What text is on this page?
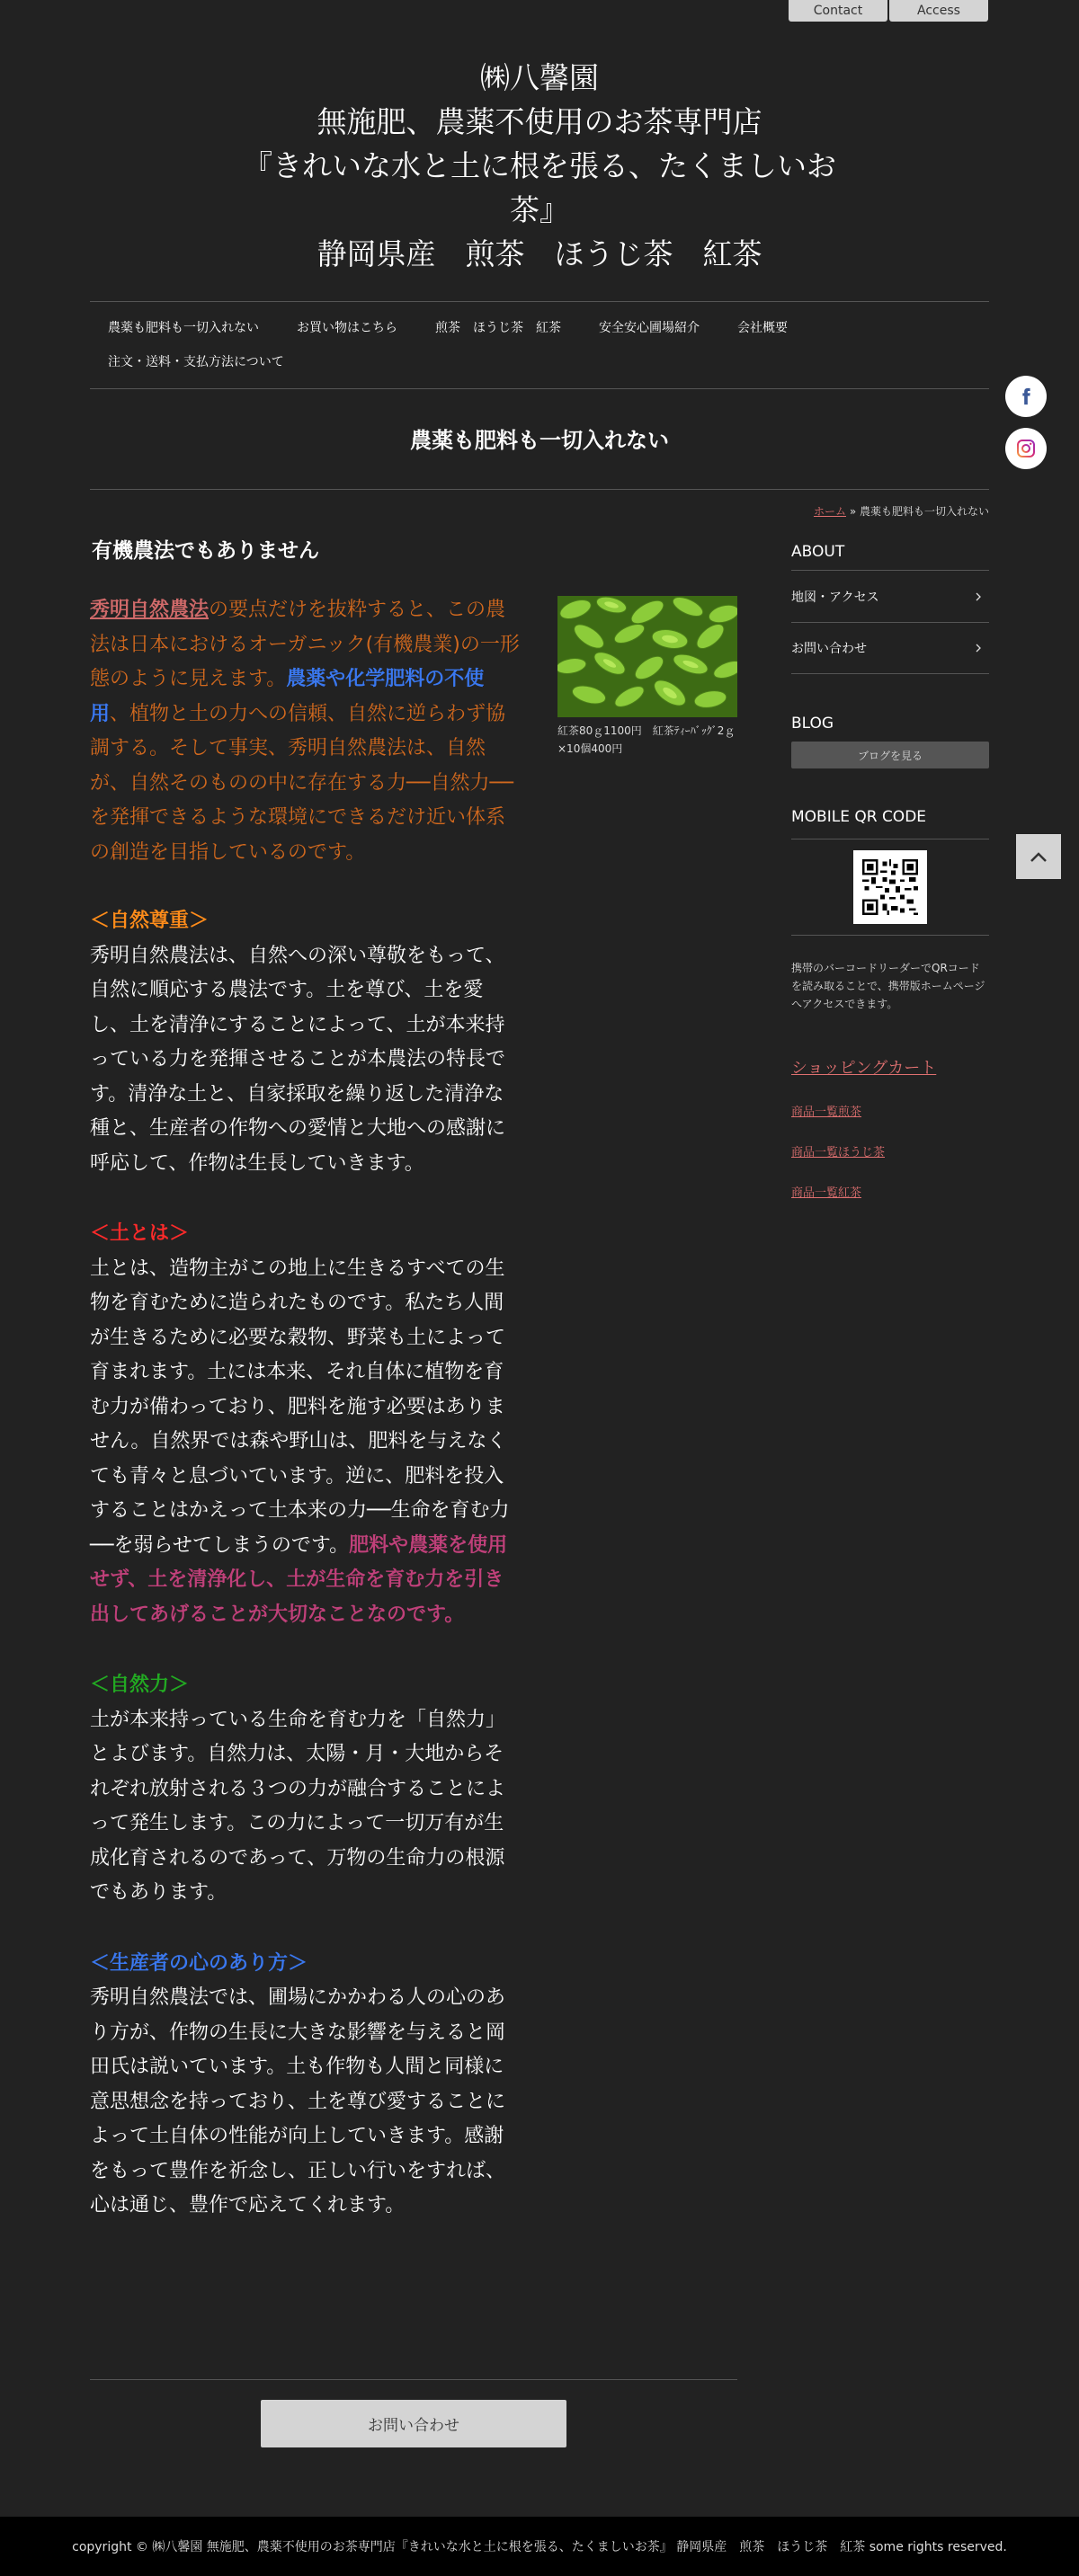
Contact	Access
㈱八馨園
無施肥、農薬不使用のお茶専門店
『きれいな水と土に根を張る、たくましいお
茶』
静岡県産　煎茶　ほうじ茶　紅茶
農薬も肥料も一切入れない	お買い物はこちら	煎茶　ほうじ茶　紅茶	安全安心圃場紹介	会社概要
注文・送料・支払方法について
農薬も肥料も一切入れない
ホーム » 農薬も肥料も一切入れない
有機農法でもありません

秀明自然農法の要点だけを抜粋すると、この農法は日本におけるオーガニック(有機農業)の一形態のように見えます。農薬や化学肥料の不使用、植物と土の力への信頼、自然に逆らわず協調する。そして事実、秀明自然農法は、自然が、自然そのものの中に存在する力──自然力──を発揮できるような環境にできるだけ近い体系の創造を目指しているのです。

＜自然尊重＞

秀明自然農法は、自然への深い尊敬をもって、自然に順応する農法です。土を尊び、土を愛し、土を清浄にすることによって、土が本来持っている力を発揮させることが本農法の特長です。清浄な土と、自家採取を繰り返した清浄な種と、生産者の作物への愛情と大地への感謝に呼応して、作物は生長していきます。

＜土とは＞

土とは、造物主がこの地上に生きるすべての生物を育むために造られたものです。私たち人間が生きるために必要な穀物、野菜も土によって育まれます。土には本来、それ自体に植物を育む力が備わっており、肥料を施す必要はありません。自然界では森や野山は、肥料を与えなくても青々と息づいています。逆に、肥料を投入することはかえって土本来の力──生命を育む力──を弱らせてしまうのです。肥料や農薬を使用せず、土を清浄化し、土が生命を育む力を引き出してあげることが大切なことなのです。

＜自然力＞

土が本来持っている生命を育む力を「自然力」とよびます。自然力は、太陽・月・大地からそれぞれ放射される３つの力が融合することによって発生します。この力によって一切万有が生成化育されるのであって、万物の生命力の根源でもあります。

＜生産者の心のあり方＞

秀明自然農法では、圃場にかかわる人の心のあり方が、作物の生長に大きな影響を与えると岡田氏は説いています。土も作物も人間と同様に意思想念を持っており、土を尊び愛することによって土自体の性能が向上していきます。感謝をもって豊作を祈念し、正しい行いをすれば、心は通じ、豊作で応えてくれます。

紅茶80ｇ1100円　紅茶ﾃｨｰﾊﾞｯｸﾞ2ｇ×10個400円

お問い合わせ
ABOUT
地図・アクセス
お問い合わせ
BLOG
ブログを見る
MOBILE QR CODE

携帯のバーコードリーダーでQRコードを読み取ることで、携帯版ホームページへアクセスできます。

ショッピングカート
商品一覧煎茶
商品一覧ほうじ茶
商品一覧紅茶
copyright © ㈱八馨園 無施肥、農薬不使用のお茶専門店『きれいな水と土に根を張る、たくましいお茶』 静岡県産　煎茶　ほうじ茶　紅茶 some rights reserved.
